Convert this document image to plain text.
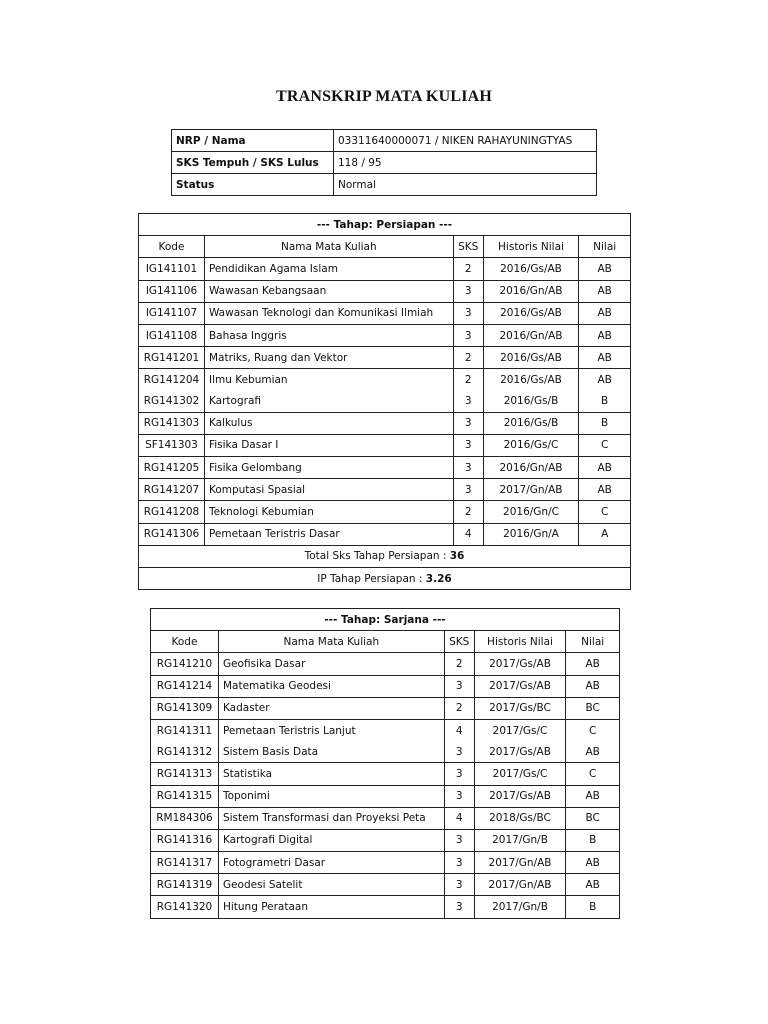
TRANSKRIP MATA KULIAH
NRP / Nama	03311640000071 / NIKEN RAHAYUNINGTYAS
SKS Tempuh / SKS Lulus	118 / 95
Status	Normal
--- Tahap: Persiapan ---				
Kode	Nama Mata Kuliah	SKS	Historis Nilai	Nilai
IG141101	Pendidikan Agama Islam	2	2016/Gs/AB	AB
IG141106	Wawasan Kebangsaan	3	2016/Gn/AB	AB
IG141107	Wawasan Teknologi dan Komunikasi Ilmiah	3	2016/Gs/AB	AB
IG141108	Bahasa Inggris	3	2016/Gn/AB	AB
RG141201	Matriks, Ruang dan Vektor	2	2016/Gs/AB	AB
RG141204	Ilmu Kebumian	2	2016/Gs/AB	AB
RG141302	Kartografi	3	2016/Gs/B	B
RG141303	Kalkulus	3	2016/Gs/B	B
SF141303	Fisika Dasar I	3	2016/Gs/C	C
RG141205	Fisika Gelombang	3	2016/Gn/AB	AB
RG141207	Komputasi Spasial	3	2017/Gn/AB	AB
RG141208	Teknologi Kebumian	2	2016/Gn/C	C
RG141306	Pemetaan Teristris Dasar	4	2016/Gn/A	A
Total Sks Tahap Persiapan : 36				
IP Tahap Persiapan : 3.26				
--- Tahap: Sarjana ---				
Kode	Nama Mata Kuliah	SKS	Historis Nilai	Nilai
RG141210	Geofisika Dasar	2	2017/Gs/AB	AB
RG141214	Matematika Geodesi	3	2017/Gs/AB	AB
RG141309	Kadaster	2	2017/Gs/BC	BC
RG141311	Pemetaan Teristris Lanjut	4	2017/Gs/C	C
RG141312	Sistem Basis Data	3	2017/Gs/AB	AB
RG141313	Statistika	3	2017/Gs/C	C
RG141315	Toponimi	3	2017/Gs/AB	AB
RM184306	Sistem Transformasi dan Proyeksi Peta	4	2018/Gs/BC	BC
RG141316	Kartografi Digital	3	2017/Gn/B	B
RG141317	Fotogrametri Dasar	3	2017/Gn/AB	AB
RG141319	Geodesi Satelit	3	2017/Gn/AB	AB
RG141320	Hitung Perataan	3	2017/Gn/B	B
